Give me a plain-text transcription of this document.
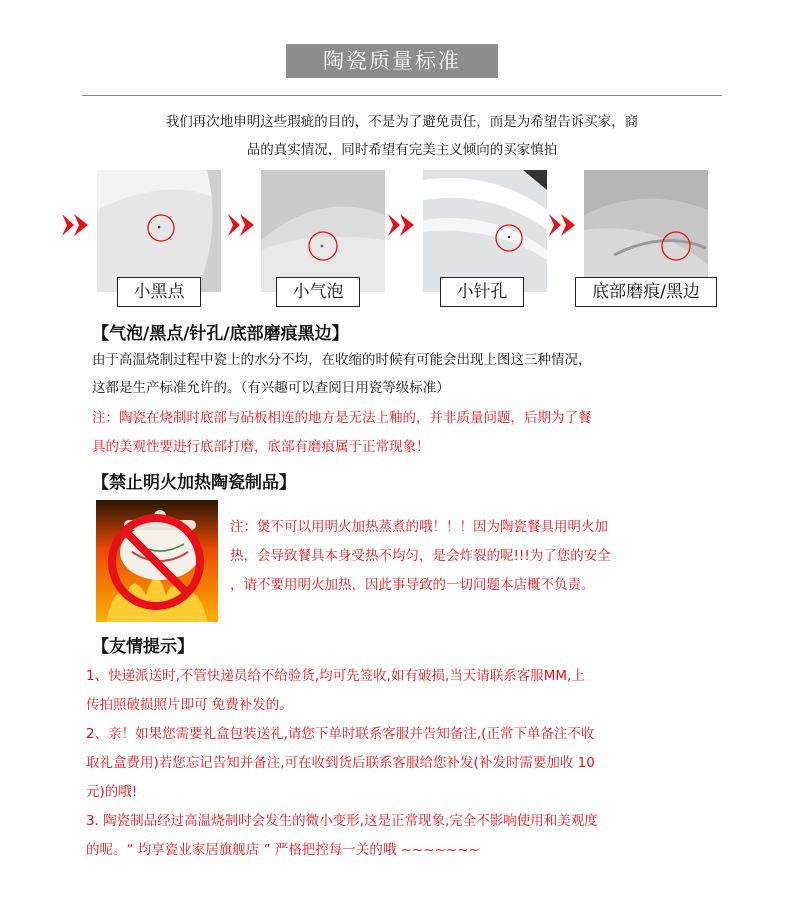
陶瓷质量标准
我们再次地申明这些瑕疵的目的，不是为了避免责任，而是为希望告诉买家，商
品的真实情况，同时希望有完美主义倾向的买家慎拍
小黑点	小气泡	小针孔	底部磨痕/黑边
【气泡/黑点/针孔/底部磨痕黑边】
由于高温烧制过程中瓷上的水分不均，在收缩的时候有可能会出现上图这三种情况，
这都是生产标准允许的。（有兴趣可以查阅日用瓷等级标准）
注：陶瓷在烧制时底部与砧板相连的地方是无法上釉的，并非质量问题，后期为了餐
具的美观性要进行底部打磨，底部有磨痕属于正常现象！
【禁止明火加热陶瓷制品】
注：煲不可以用明火加热蒸煮的哦！！！因为陶瓷餐具用明火加
热，会导致餐具本身受热不均匀，是会炸裂的呢!!!为了您的安全
，请不要用明火加热，因此事导致的一切问题本店概不负责。
【友情提示】
1、快递派送时,不管快递员给不给验货,均可先签收,如有破损,当天请联系客服MM,上
传拍照破损照片即可 免费补发的。
2、亲！如果您需要礼盒包装送礼,请您下单时联系客服并告知备注,(正常下单备注不收
取礼盒费用)若您忘记告知并备注,可在收到货后联系客服给您补发(补发时需要加收 10
元)的哦!
3. 陶瓷制品经过高温烧制时会发生的微小变形,这是正常现象,完全不影响使用和美观度
的呢。“ 均享瓷业家居旗舰店 ” 严格把控每一关的哦 ~~~~~~~
